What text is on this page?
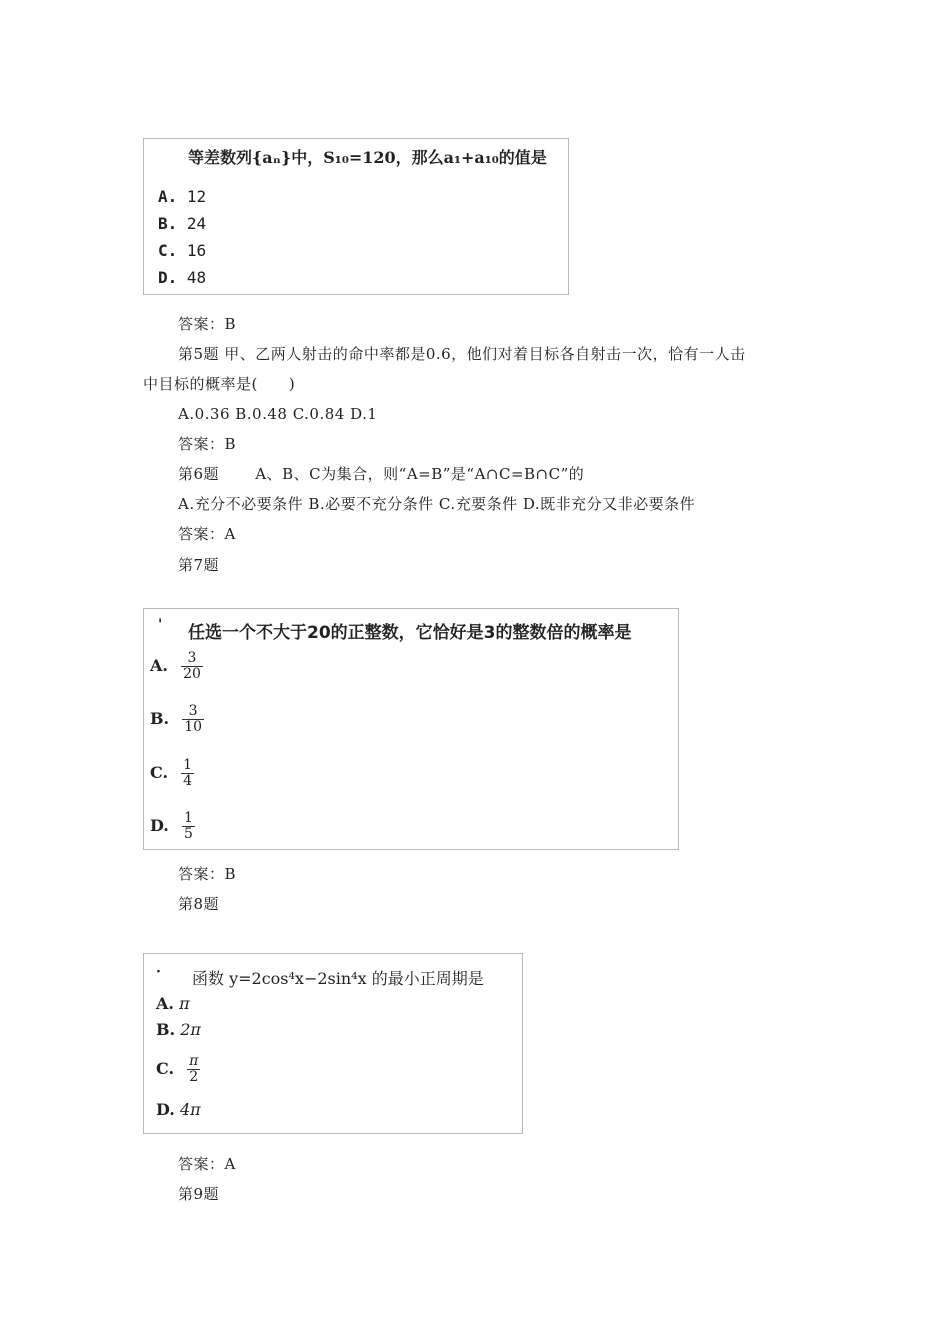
等差数列{aₙ}中，S₁₀=120，那么a₁+a₁₀的值是
A. 12
B. 24
C. 16
D. 48
答案：B
第5题 甲、乙两人射击的命中率都是0.6，他们对着目标各自射击一次，恰有一人击
中目标的概率是(　　)
A.0.36 B.0.48 C.0.84 D.1
答案：B
第6题　　 A、B、C为集合，则“A=B”是“A∩C=B∩C”的
A.充分不必要条件 B.必要不充分条件 C.充要条件 D.既非充分又非必要条件
答案：A
第7题
' 任选一个不大于20的正整数，它恰好是3的整数倍的概率是
A. $\frac{3}{20}$
B. $\frac{3}{10}$
C. $\frac{1}{4}$
D. $\frac{1}{5}$
答案：B
第8题
· 函数 y=2cos⁴x−2sin⁴x 的最小正周期是
A. π
B. 2π
C. $\frac{\pi}{2}$
D. 4π
答案：A
第9题
